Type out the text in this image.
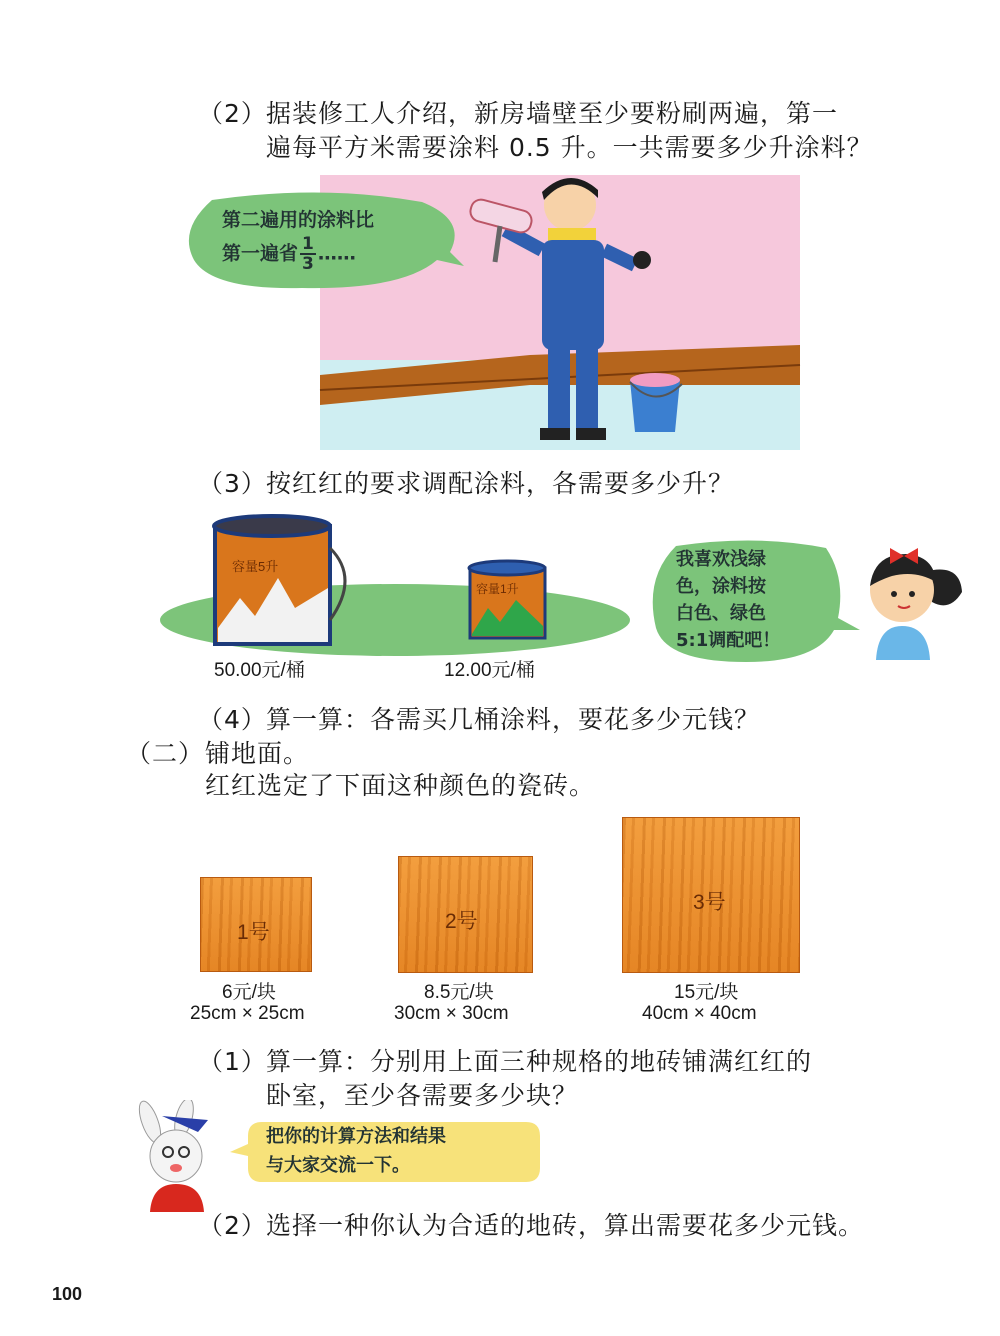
（2） 据装修工人介绍，新房墙壁至少要粉刷两遍，第一
遍每平方米需要涂料 0.5 升。一共需要多少升涂料？
第二遍用的涂料比
第一遍省 $\frac{1}{3}$ ……
（3） 按红红的要求调配涂料，各需要多少升？
容量5升
容量1升
50.00元/桶	12.00元/桶
我喜欢浅绿
色，涂料按
白色、绿色
5:1调配吧！
（4） 算一算：各需买几桶涂料，要花多少元钱？
（二） 铺地面。
红红选定了下面这种颜色的瓷砖。
1号	2号
3号
6元/块
25cm × 25cm
8.5元/块
30cm × 30cm
15元/块
40cm × 40cm
（1） 算一算：分别用上面三种规格的地砖铺满红红的
卧室，至少各需要多少块？
把你的计算方法和结果
与大家交流一下。
（2） 选择一种你认为合适的地砖，算出需要花多少元钱。
100
